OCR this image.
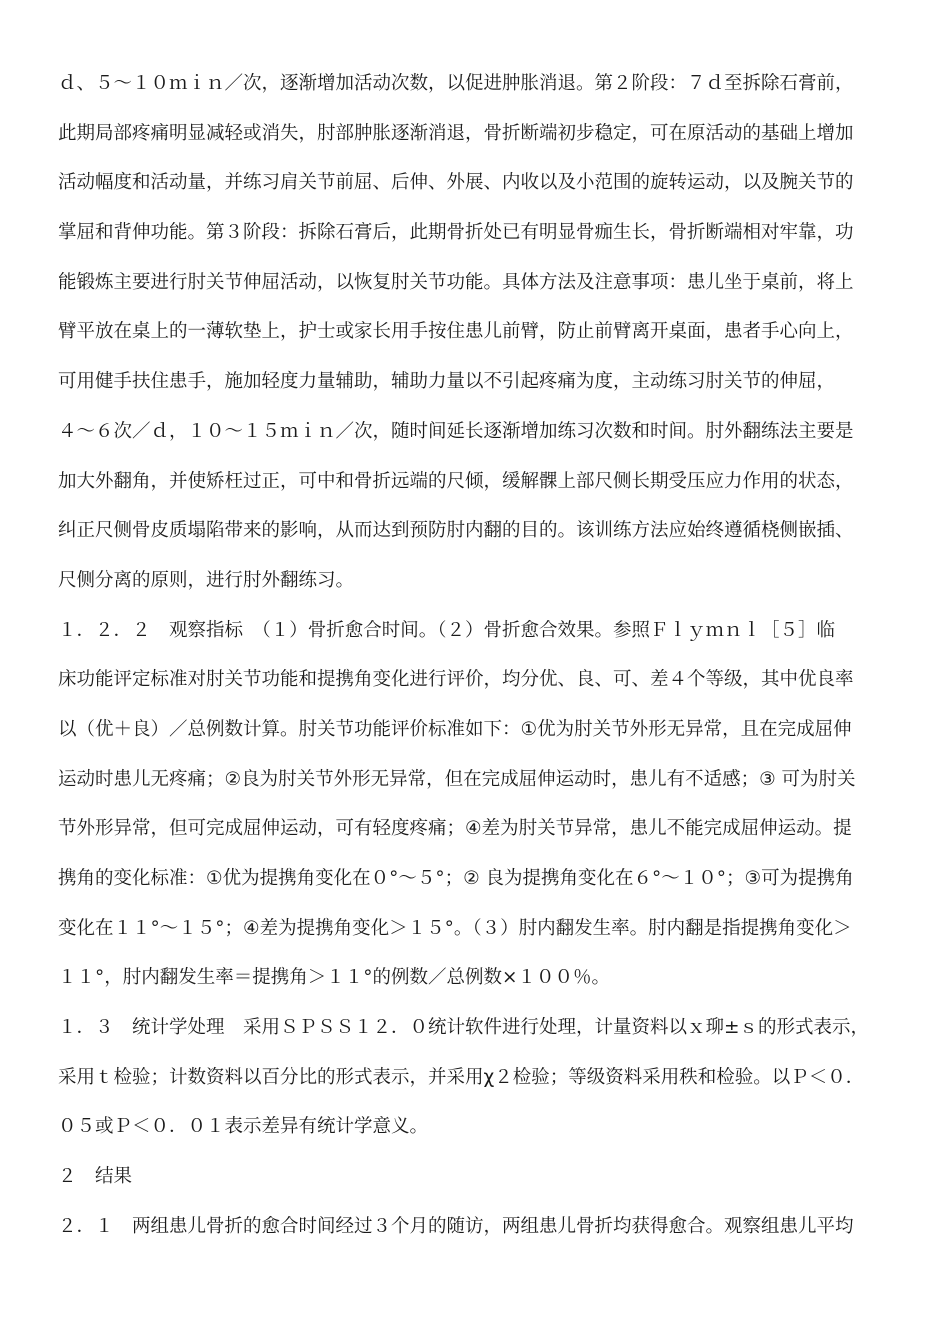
ｄ、５～１０ｍｉｎ／次，逐渐增加活动次数，以促进肿胀消退。第２阶段：７ｄ至拆除石膏前，
此期局部疼痛明显减轻或消失，肘部肿胀逐渐消退，骨折断端初步稳定，可在原活动的基础上增加
活动幅度和活动量，并练习肩关节前屈、后伸、外展、内收以及小范围的旋转运动，以及腕关节的
掌屈和背伸功能。第３阶段：拆除石膏后，此期骨折处已有明显骨痂生长，骨折断端相对牢靠，功
能锻炼主要进行肘关节伸屈活动，以恢复肘关节功能。具体方法及注意事项：患儿坐于桌前，将上
臂平放在桌上的一薄软垫上，护士或家长用手按住患儿前臂，防止前臂离开桌面，患者手心向上，
可用健手扶住患手，施加轻度力量辅助，辅助力量以不引起疼痛为度，主动练习肘关节的伸屈，
４～６次／ｄ，１０～１５ｍｉｎ／次，随时间延长逐渐增加练习次数和时间。肘外翻练法主要是
加大外翻角，并使矫枉过正，可中和骨折远端的尺倾，缓解髁上部尺侧长期受压应力作用的状态，
纠正尺侧骨皮质塌陷带来的影响，从而达到预防肘内翻的目的。该训练方法应始终遵循桡侧嵌插、
尺侧分离的原则，进行肘外翻练习。
１．２．２　观察指标　（１）骨折愈合时间。（２）骨折愈合效果。参照Ｆｌｙｍｎｌ［５］临
床功能评定标准对肘关节功能和提携角变化进行评价，均分优、良、可、差４个等级，其中优良率
以（优＋良）／总例数计算。肘关节功能评价标准如下：①优为肘关节外形无异常，且在完成屈伸
运动时患儿无疼痛；②良为肘关节外形无异常，但在完成屈伸运动时，患儿有不适感；③ 可为肘关
节外形异常，但可完成屈伸运动，可有轻度疼痛；④差为肘关节异常，患儿不能完成屈伸运动。提
携角的变化标准：①优为提携角变化在０°～５°；② 良为提携角变化在６°～１０°；③可为提携角
变化在１１°～１５°；④差为提携角变化＞１５°。（３）肘内翻发生率。肘内翻是指提携角变化＞
１１°，肘内翻发生率＝提携角＞１１°的例数／总例数×１００％。
１．３　统计学处理　采用ＳＰＳＳ１２．０统计软件进行处理，计量资料以ｘ珋±ｓ的形式表示，
采用ｔ检验；计数资料以百分比的形式表示，并采用χ２检验；等级资料采用秩和检验。以Ｐ＜０．
０５或Ｐ＜０．０１表示差异有统计学意义。
２　结果
２．１　两组患儿骨折的愈合时间经过３个月的随访，两组患儿骨折均获得愈合。观察组患儿平均
